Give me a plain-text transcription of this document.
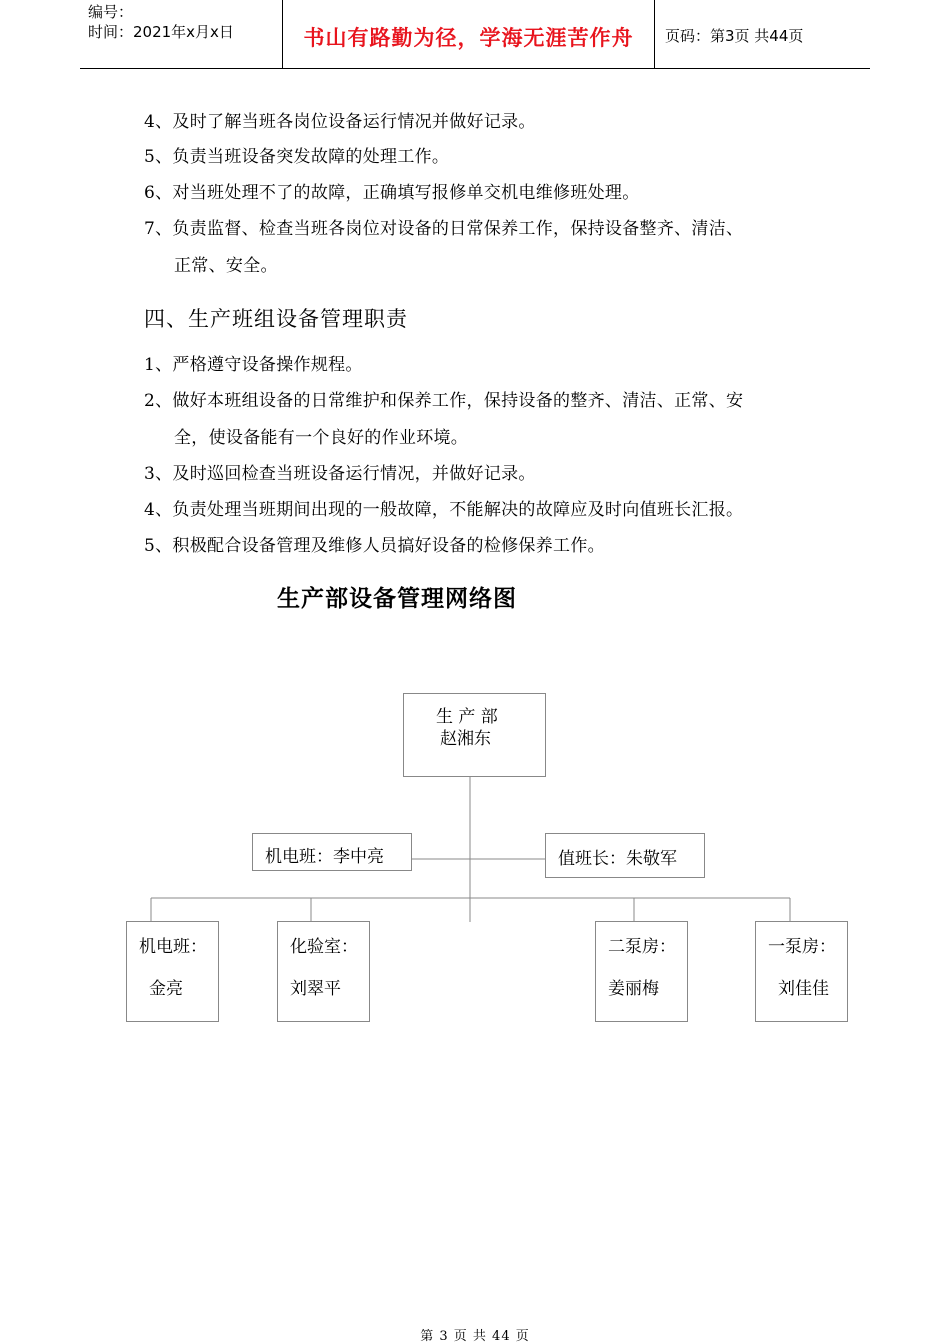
编号：
时间：2021年x月x日	书山有路勤为径，学海无涯苦作舟	页码：第3页 共44页
4、及时了解当班各岗位设备运行情况并做好记录。
5、负责当班设备突发故障的处理工作。
6、对当班处理不了的故障，正确填写报修单交机电维修班处理。
7、负责监督、检查当班各岗位对设备的日常保养工作，保持设备整齐、清洁、
正常、安全。
四、生产班组设备管理职责
1、严格遵守设备操作规程。
2、做好本班组设备的日常维护和保养工作，保持设备的整齐、清洁、正常、安
全，使设备能有一个良好的作业环境。
3、及时巡回检查当班设备运行情况，并做好记录。
4、负责处理当班期间出现的一般故障，不能解决的故障应及时向值班长汇报。
5、积极配合设备管理及维修人员搞好设备的检修保养工作。
生产部设备管理网络图
生 产 部
赵湘东
机电班：李中亮	值班长：朱敬军
机电班：
金亮
化验室：
刘翠平
二泵房：
姜丽梅
一泵房：
刘佳佳
第 3 页 共 44 页
